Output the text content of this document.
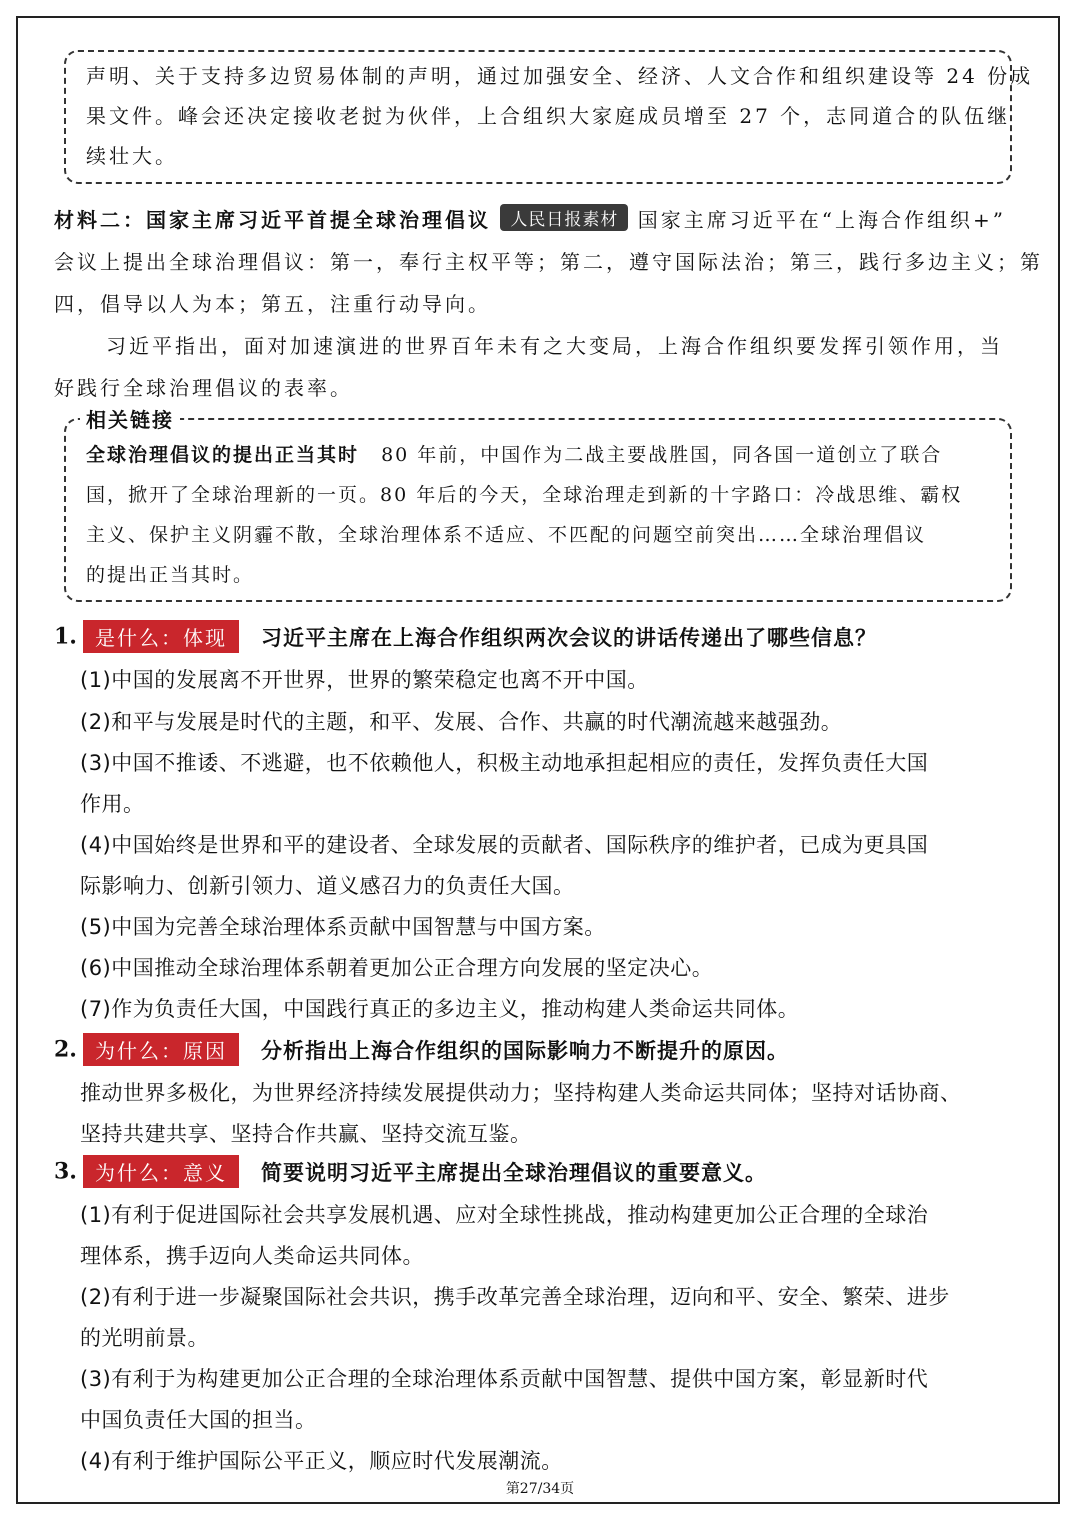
声明、关于支持多边贸易体制的声明，通过加强安全、经济、人文合作和组织建设等 24 份成
果文件。峰会还决定接收老挝为伙伴，上合组织大家庭成员增至 27 个，志同道合的队伍继
续壮大。
材料二：国家主席习近平首提全球治理倡议 人民日报素材 国家主席习近平在“上海合作组织+”
会议上提出全球治理倡议：第一，奉行主权平等；第二，遵守国际法治；第三，践行多边主义；第
四，倡导以人为本；第五，注重行动导向。
习近平指出，面对加速演进的世界百年未有之大变局，上海合作组织要发挥引领作用，当
好践行全球治理倡议的表率。
相关链接
全球治理倡议的提出正当其时 80 年前，中国作为二战主要战胜国，同各国一道创立了联合
国，掀开了全球治理新的一页。80 年后的今天，全球治理走到新的十字路口：冷战思维、霸权
主义、保护主义阴霾不散，全球治理体系不适应、不匹配的问题空前突出……全球治理倡议
的提出正当其时。
1. 是什么：体现 习近平主席在上海合作组织两次会议的讲话传递出了哪些信息？
(1)中国的发展离不开世界，世界的繁荣稳定也离不开中国。
(2)和平与发展是时代的主题，和平、发展、合作、共赢的时代潮流越来越强劲。
(3)中国不推诿、不逃避，也不依赖他人，积极主动地承担起相应的责任，发挥负责任大国
作用。
(4)中国始终是世界和平的建设者、全球发展的贡献者、国际秩序的维护者，已成为更具国
际影响力、创新引领力、道义感召力的负责任大国。
(5)中国为完善全球治理体系贡献中国智慧与中国方案。
(6)中国推动全球治理体系朝着更加公正合理方向发展的坚定决心。
(7)作为负责任大国，中国践行真正的多边主义，推动构建人类命运共同体。
2. 为什么：原因 分析指出上海合作组织的国际影响力不断提升的原因。
推动世界多极化，为世界经济持续发展提供动力；坚持构建人类命运共同体；坚持对话协商、
坚持共建共享、坚持合作共赢、坚持交流互鉴。
3. 为什么：意义 简要说明习近平主席提出全球治理倡议的重要意义。
(1)有利于促进国际社会共享发展机遇、应对全球性挑战，推动构建更加公正合理的全球治
理体系，携手迈向人类命运共同体。
(2)有利于进一步凝聚国际社会共识，携手改革完善全球治理，迈向和平、安全、繁荣、进步
的光明前景。
(3)有利于为构建更加公正合理的全球治理体系贡献中国智慧、提供中国方案，彰显新时代
中国负责任大国的担当。
(4)有利于维护国际公平正义，顺应时代发展潮流。
第27/34页
